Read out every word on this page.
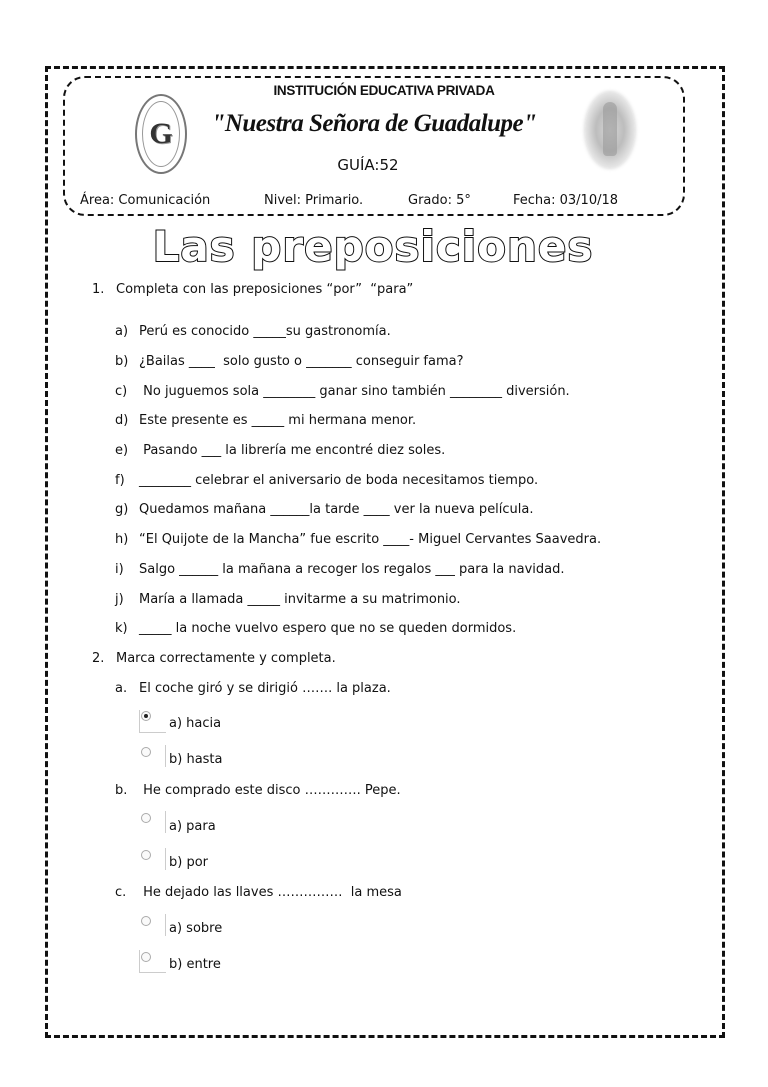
G
INSTITUCIÓN EDUCATIVA PRIVADA
"Nuestra Señora de Guadalupe"
GUÍA:52
Área: Comunicación	Nivel: Primario.	Grado: 5°	Fecha: 03/10/18
Las preposiciones
1. Completa con las preposiciones “por”  “para”
a) Perú es conocido _____su gastronomía.
b) ¿Bailas ____  solo gusto o _______ conseguir fama?
c) No juguemos sola ________ ganar sino también ________ diversión.
d) Este presente es _____ mi hermana menor.
e) Pasando ___ la librería me encontré diez soles.
f) ________ celebrar el aniversario de boda necesitamos tiempo.
g) Quedamos mañana ______la tarde ____ ver la nueva película.
h) “El Quijote de la Mancha” fue escrito ____- Miguel Cervantes Saavedra.
i) Salgo ______ la mañana a recoger los regalos ___ para la navidad.
j) María a llamada _____ invitarme a su matrimonio.
k) _____ la noche vuelvo espero que no se queden dormidos.
2. Marca correctamente y completa.
a. El coche giró y se dirigió ……. la plaza.
a) hacia
b) hasta
b. He comprado este disco …………. Pepe.
a) para
b) por
c. He dejado las llaves ……………  la mesa
a) sobre
b) entre
